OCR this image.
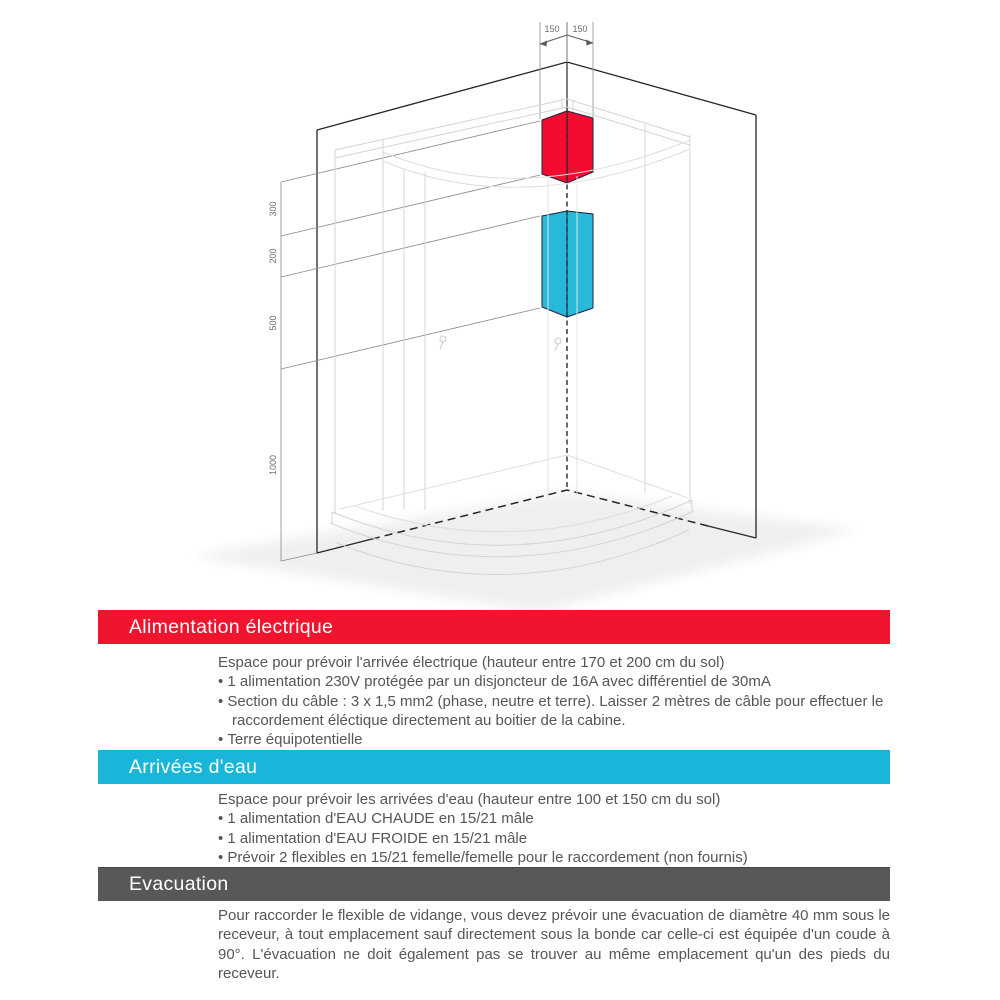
150 150
300
200
500
1000
Alimentation électrique

Espace pour prévoir l'arrivée électrique (hauteur entre 170 et 200 cm du sol)

• 1 alimentation 230V protégée par un disjoncteur de 16A avec différentiel de 30mA
• Section du câble : 3 x 1,5 mm2 (phase, neutre et terre). Laisser 2 mètres de câble pour effectuer le raccordement éléctique directement au boitier de la cabine.
• Terre équipotentielle
Arrivées d'eau

Espace pour prévoir les arrivées d'eau (hauteur entre 100 et 150 cm du sol)

• 1 alimentation d'EAU CHAUDE en 15/21 mâle
• 1 alimentation d'EAU FROIDE en 15/21 mâle
• Prévoir 2 flexibles en 15/21 femelle/femelle pour le raccordement (non fournis)
Evacuation

Pour raccorder le flexible de vidange, vous devez prévoir une évacuation de diamètre 40 mm sous le receveur, à tout emplacement sauf directement sous la bonde car celle-ci est équipée d'un coude à 90°. L'évacuation ne doit également pas se trouver au même emplacement qu'un des pieds du receveur.
